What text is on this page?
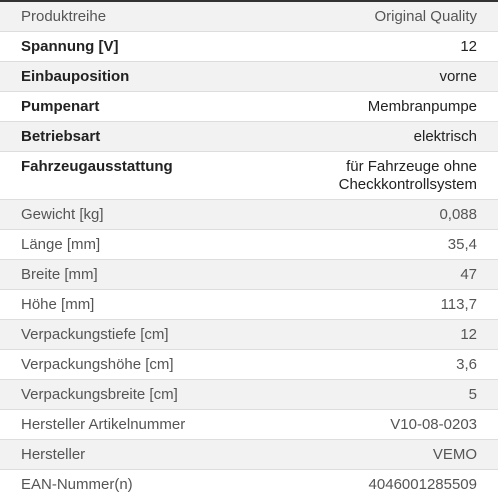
Produktreihe	Original Quality
Spannung [V]	12
Einbauposition	vorne
Pumpenart	Membranpumpe
Betriebsart	elektrisch
Fahrzeugausstattung	für Fahrzeuge ohne
Checkkontrollsystem
Gewicht [kg]	0,088
Länge [mm]	35,4
Breite [mm]	47
Höhe [mm]	113,7
Verpackungstiefe [cm]	12
Verpackungshöhe [cm]	3,6
Verpackungsbreite [cm]	5
Hersteller Artikelnummer	V10-08-0203
Hersteller	VEMO
EAN-Nummer(n)	4046001285509
